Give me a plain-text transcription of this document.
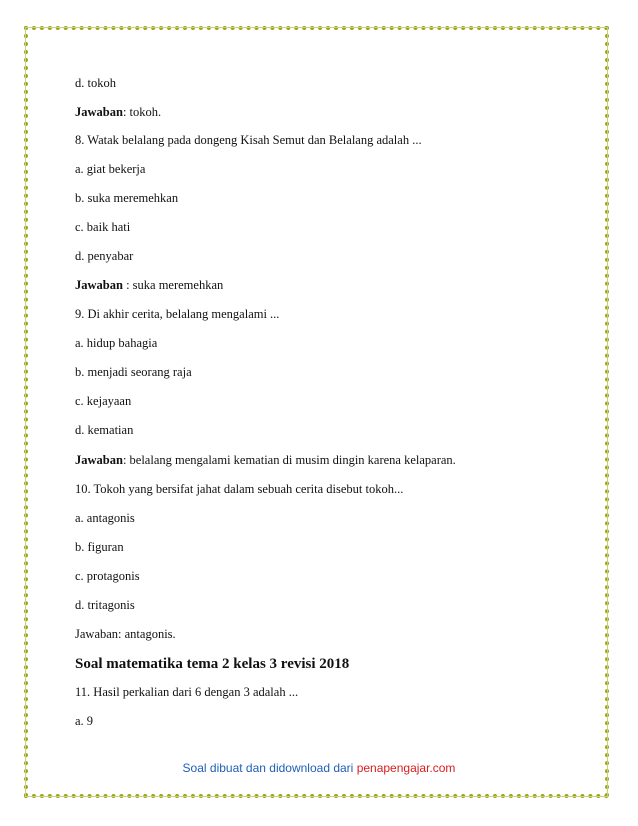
d. tokoh
Jawaban: tokoh.
8. Watak belalang pada dongeng Kisah Semut dan Belalang adalah ...
a. giat bekerja
b. suka meremehkan
c. baik hati
d. penyabar
Jawaban : suka meremehkan
9. Di akhir cerita, belalang mengalami ...
a. hidup bahagia
b. menjadi seorang raja
c. kejayaan
d. kematian
Jawaban: belalang mengalami kematian di musim dingin karena kelaparan.
10. Tokoh yang bersifat jahat dalam sebuah cerita disebut tokoh...
a. antagonis
b. figuran
c. protagonis
d. tritagonis
Jawaban: antagonis.
Soal matematika tema 2 kelas 3 revisi 2018
11. Hasil perkalian dari 6 dengan 3 adalah ...
a. 9
Soal dibuat dan didownload dari penapengajar.com
